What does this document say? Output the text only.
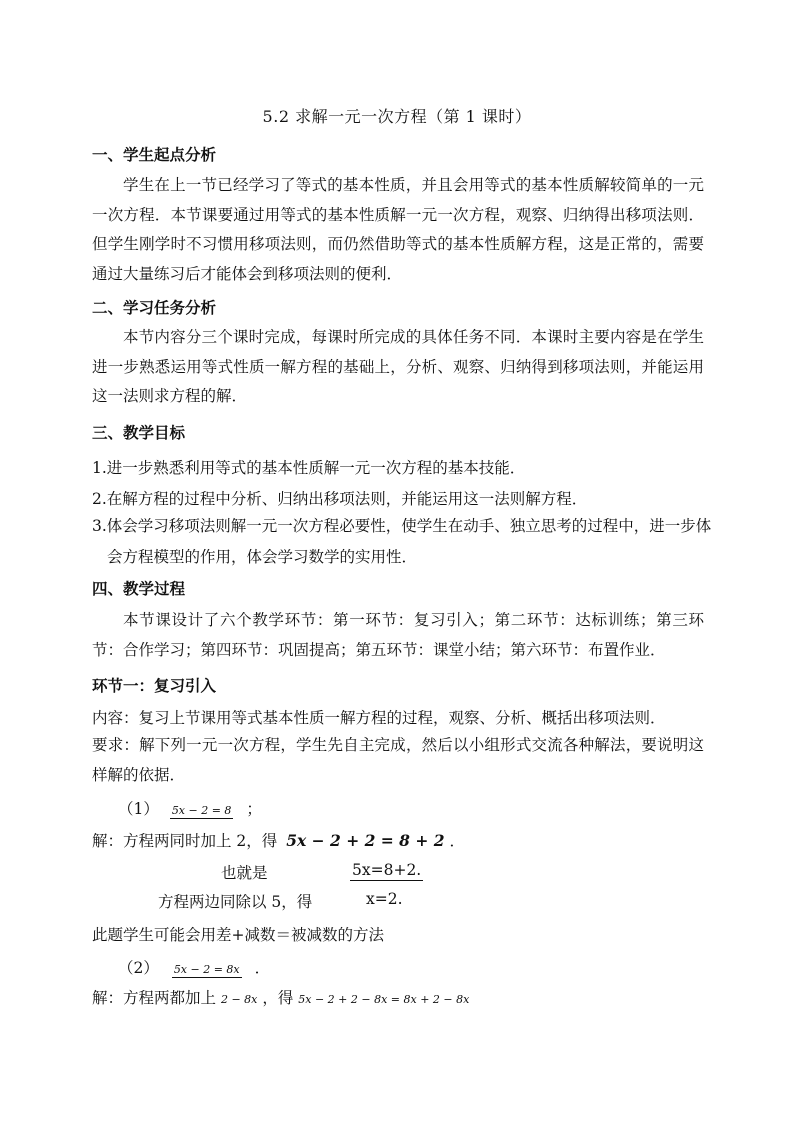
5.2 求解一元一次方程（第 1 课时）
一、学生起点分析
学生在上一节已经学习了等式的基本性质，并且会用等式的基本性质解较简单的一元一次方程．本节课要通过用等式的基本性质解一元一次方程，观察、归纳得出移项法则．但学生刚学时不习惯用移项法则，而仍然借助等式的基本性质解方程，这是正常的，需要通过大量练习后才能体会到移项法则的便利．
二、学习任务分析
本节内容分三个课时完成，每课时所完成的具体任务不同．本课时主要内容是在学生进一步熟悉运用等式性质一解方程的基础上，分析、观察、归纳得到移项法则，并能运用这一法则求方程的解．
三、教学目标
1.进一步熟悉利用等式的基本性质解一元一次方程的基本技能．
2.在解方程的过程中分析、归纳出移项法则，并能运用这一法则解方程．
3.体会学习移项法则解一元一次方程必要性，使学生在动手、独立思考的过程中，进一步体会方程模型的作用，体会学习数学的实用性．
四、教学过程
本节课设计了六个教学环节：第一环节：复习引入；第二环节：达标训练；第三环节：合作学习；第四环节：巩固提高；第五环节：课堂小结；第六环节：布置作业．
环节一：复习引入
内容：复习上节课用等式基本性质一解方程的过程，观察、分析、概括出移项法则．
要求：解下列一元一次方程，学生先自主完成，然后以小组形式交流各种解法，要说明这样解的依据．
（1） 5x − 2 = 8 ；
解：方程两同时加上 2，得 5x − 2 + 2 = 8 + 2 ．
也就是	5x=8+2.
方程两边同除以 5，得	x=2.
此题学生可能会用差+减数＝被减数的方法
（2） 5x − 2 = 8x ．
解：方程两都加上 2 − 8x ，得 5x − 2 + 2 − 8x = 8x + 2 − 8x
